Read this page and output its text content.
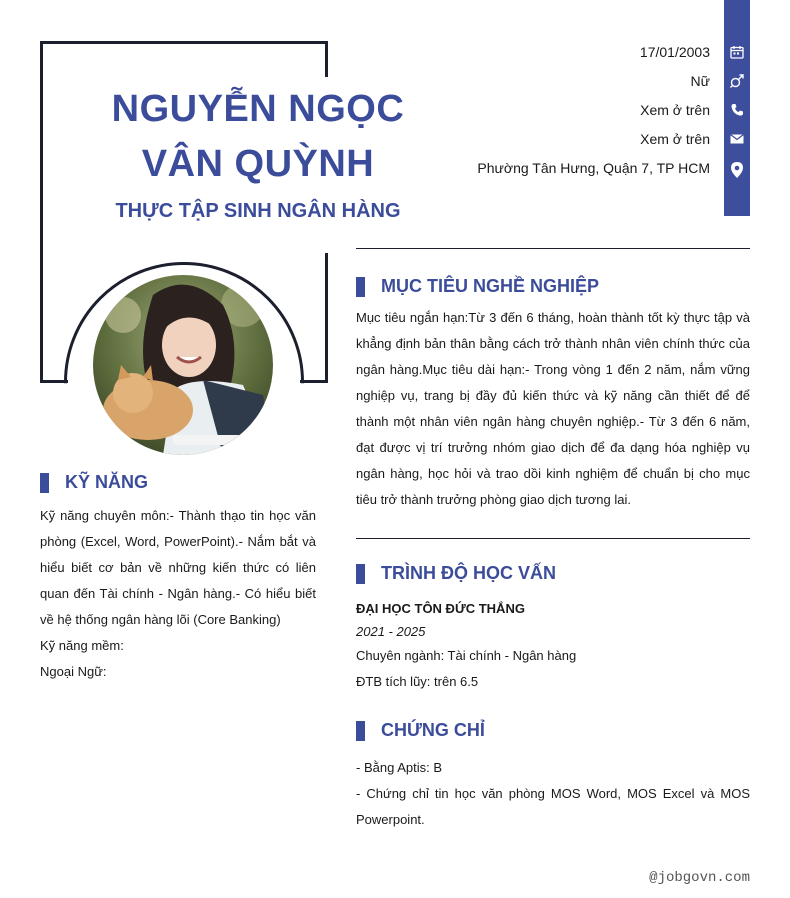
NGUYỄN NGỌC
VÂN QUỲNH
THỰC TẬP SINH NGÂN HÀNG
17/01/2003
Nữ
Xem ở trên
Xem ở trên
Phường Tân Hưng, Quận 7, TP HCM
MỤC TIÊU NGHỀ NGHIỆP

Mục tiêu ngắn hạn:Từ 3 đến 6 tháng, hoàn thành tốt kỳ thực tập và khẳng định bản thân bằng cách trở thành nhân viên chính thức của ngân hàng.Mục tiêu dài hạn:- Trong vòng 1 đến 2 năm, nắm vững nghiệp vụ, trang bị đầy đủ kiến thức và kỹ năng cần thiết để để thành một nhân viên ngân hàng chuyên nghiệp.- Từ 3 đến 6 năm, đạt được vị trí trưởng nhóm giao dịch để đa dạng hóa nghiệp vụ ngân hàng, học hỏi và trao dồi kinh nghiệm để chuẩn bị cho mục tiêu trở thành trưởng phòng giao dịch tương lai.

TRÌNH ĐỘ HỌC VẤN
ĐẠI HỌC TÔN ĐỨC THẮNG
2021 - 2025
Chuyên ngành: Tài chính - Ngân hàng
ĐTB tích lũy: trên 6.5
CHỨNG CHỈ

- Bằng Aptis: B

- Chứng chỉ tin học văn phòng MOS Word, MOS Excel và MOS Powerpoint.

KỸ NĂNG

Kỹ năng chuyên môn:- Thành thạo tin học văn phòng (Excel, Word, PowerPoint).- Nắm bắt và hiểu biết cơ bản về những kiến thức có liên quan đến Tài chính - Ngân hàng.- Có hiểu biết về hệ thống ngân hàng lõi (Core Banking)

Kỹ năng mềm:

Ngoại Ngữ:

@jobgovn.com
